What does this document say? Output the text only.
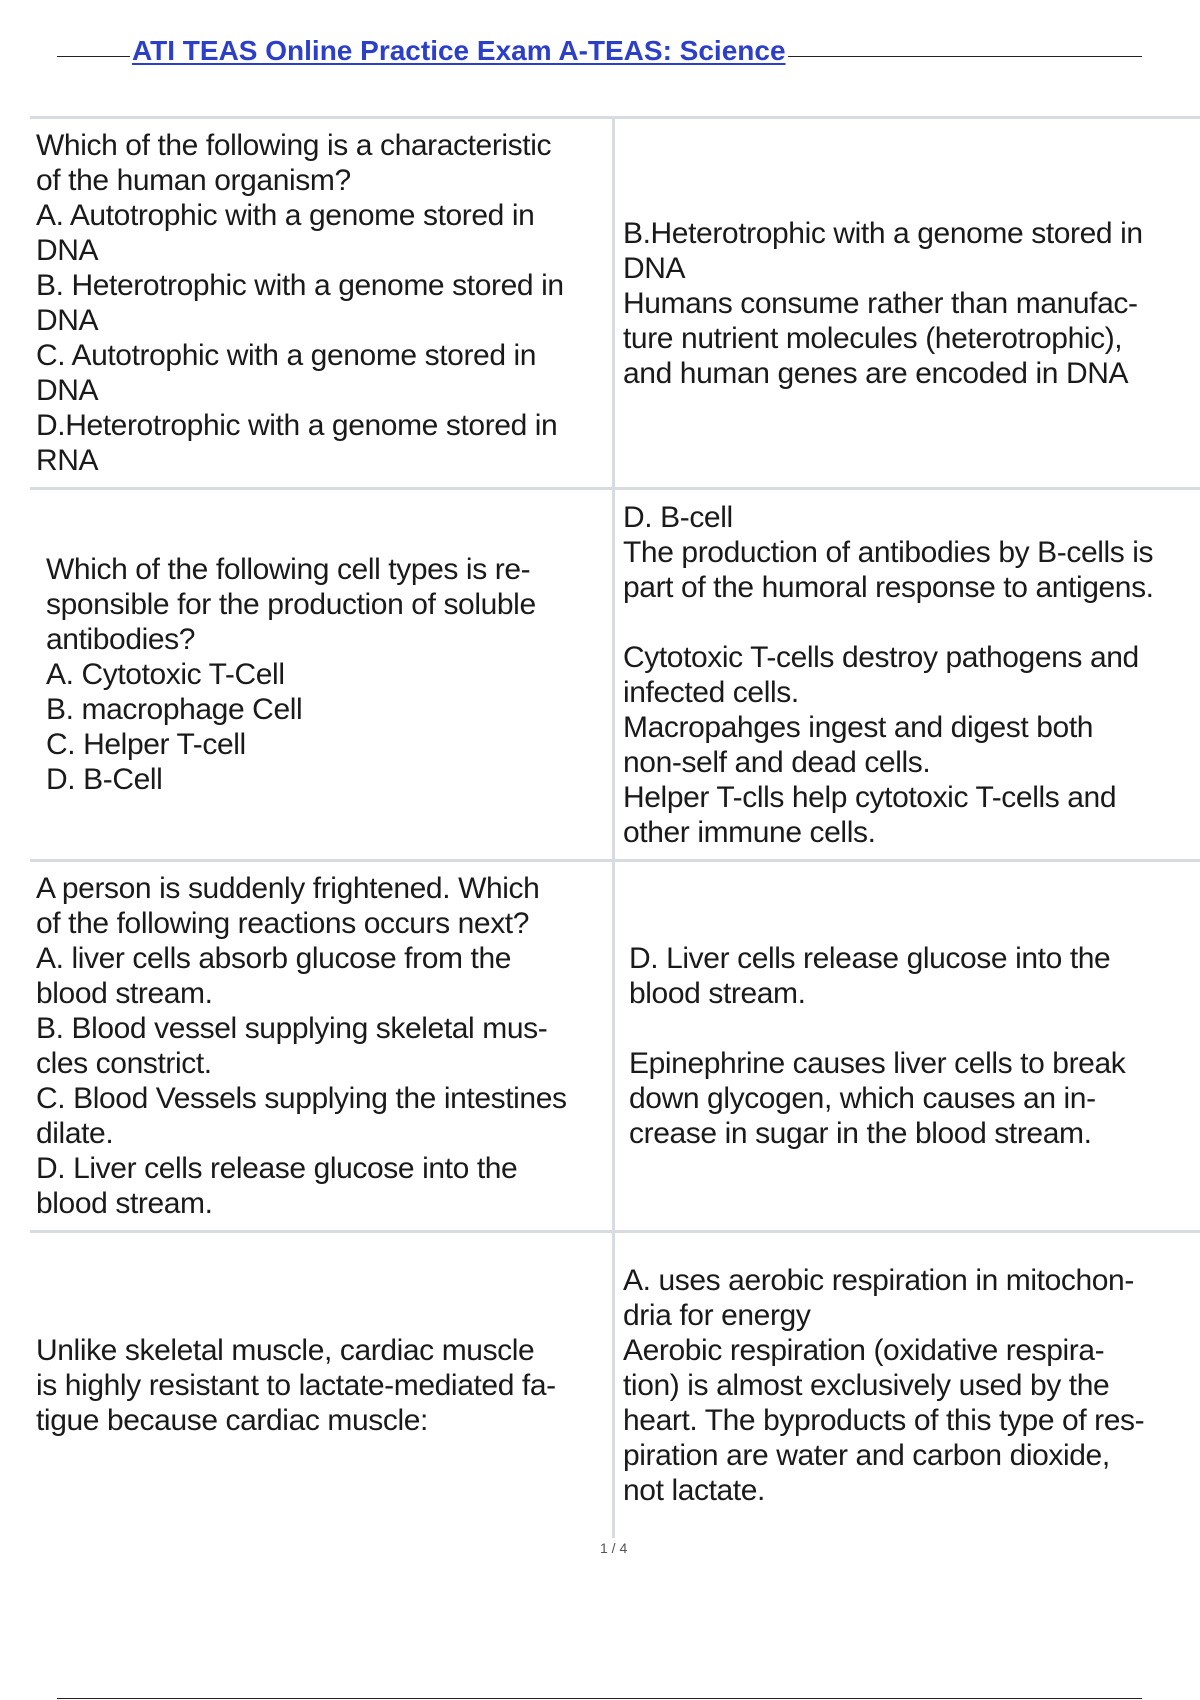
ATI TEAS Online Practice Exam A-TEAS: Science
Which of the following is a characteristic
of the human organism?
A. Autotrophic with a genome stored in
DNA
B. Heterotrophic with a genome stored in
DNA
C. Autotrophic with a genome stored in
DNA
D.Heterotrophic with a genome stored in
RNA
B.Heterotrophic with a genome stored in
DNA
Humans consume rather than manufac-
ture nutrient molecules (heterotrophic),
and human genes are encoded in DNA
Which of the following cell types is re-
sponsible for the production of soluble
antibodies?
A. Cytotoxic T-Cell
B. macrophage Cell
C. Helper T-cell
D. B-Cell
D. B-cell
The production of antibodies by B-cells is
part of the humoral response to antigens.
Cytotoxic T-cells destroy pathogens and
infected cells.
Macropahges ingest and digest both
non-self and dead cells.
Helper T-clls help cytotoxic T-cells and
other immune cells.
A person is suddenly frightened. Which
of the following reactions occurs next?
A. liver cells absorb glucose from the
blood stream.
B. Blood vessel supplying skeletal mus-
cles constrict.
C. Blood Vessels supplying the intestines
dilate.
D. Liver cells release glucose into the
blood stream.
D. Liver cells release glucose into the
blood stream.
Epinephrine causes liver cells to break
down glycogen, which causes an in-
crease in sugar in the blood stream.
Unlike skeletal muscle, cardiac muscle
is highly resistant to lactate-mediated fa-
tigue because cardiac muscle:
A. uses aerobic respiration in mitochon-
dria for energy
Aerobic respiration (oxidative respira-
tion) is almost exclusively used by the
heart. The byproducts of this type of res-
piration are water and carbon dioxide,
not lactate.
1 / 4
